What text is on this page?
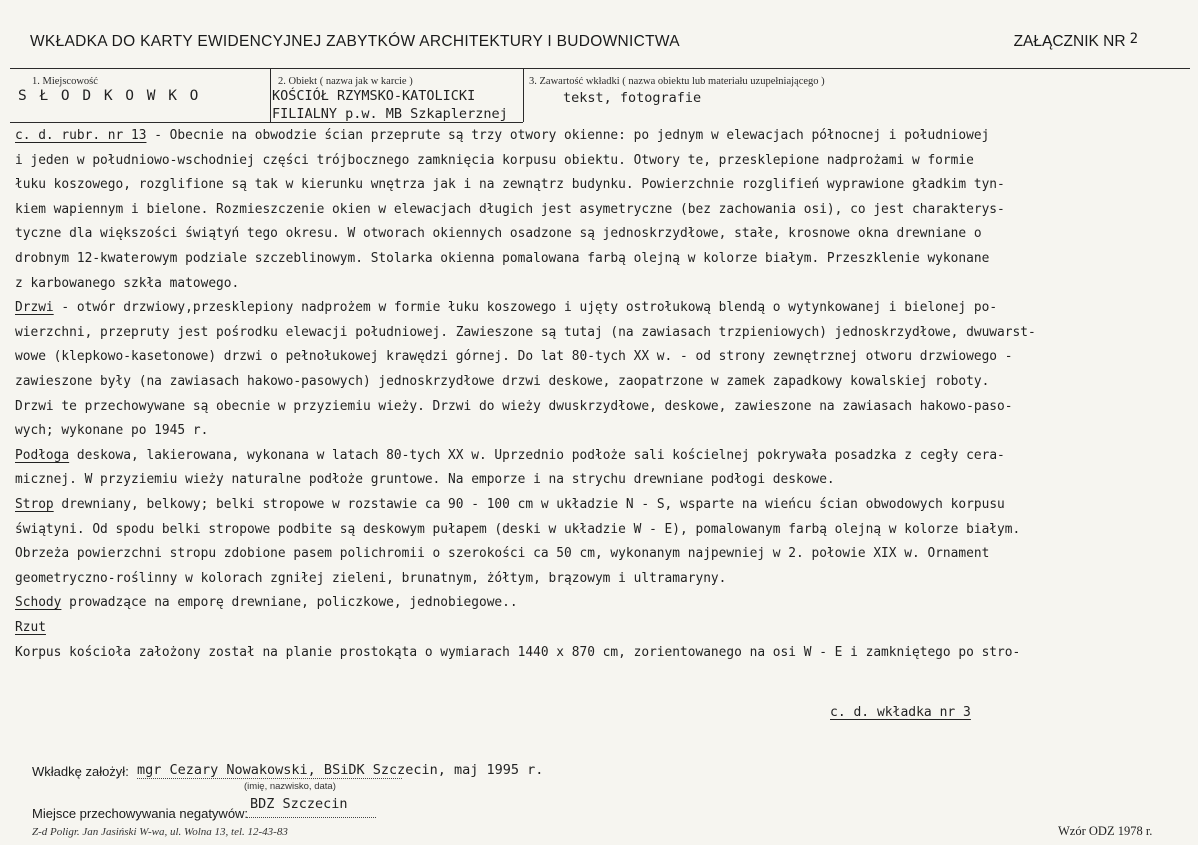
WKŁADKA DO KARTY EWIDENCYJNEJ ZABYTKÓW ARCHITEKTURY I BUDOWNICTWA	ZAŁĄCZNIK NR 2
1. Miejscowość
S Ł O D K O W K O
2. Obiekt ( nazwa jak w karcie )
KOŚCIÓŁ RZYMSKO-KATOLICKI
FILIALNY p.w. MB Szkaplerznej
3. Zawartość wkładki ( nazwa obiektu lub materiału uzupełniającego )
tekst, fotografie
c. d. rubr. nr 13 - Obecnie na obwodzie ścian przeprute są trzy otwory okienne: po jednym w elewacjach północnej i południowej
i jeden w południowo-wschodniej części trójbocznego zamknięcia korpusu obiektu. Otwory te, przesklepione nadprożami w formie
łuku koszowego, rozglifione są tak w kierunku wnętrza jak i na zewnątrz budynku. Powierzchnie rozglifień wyprawione gładkim tyn-
kiem wapiennym i bielone. Rozmieszczenie okien w elewacjach długich jest asymetryczne (bez zachowania osi), co jest charakterys-
tyczne dla większości świątyń tego okresu. W otworach okiennych osadzone są jednoskrzydłowe, stałe, krosnowe okna drewniane o
drobnym 12-kwaterowym podziale szczeblinowym. Stolarka okienna pomalowana farbą olejną w kolorze białym. Przeszklenie wykonane
z karbowanego szkła matowego.
Drzwi - otwór drzwiowy,przesklepiony nadprożem w formie łuku koszowego i ujęty ostrołukową blendą o wytynkowanej i bielonej po-
wierzchni, przepruty jest pośrodku elewacji południowej. Zawieszone są tutaj (na zawiasach trzpieniowych) jednoskrzydłowe, dwuwarst-
wowe (klepkowo-kasetonowe) drzwi o pełnołukowej krawędzi górnej. Do lat 80-tych XX w. - od strony zewnętrznej otworu drzwiowego -
zawieszone były (na zawiasach hakowo-pasowych) jednoskrzydłowe drzwi deskowe, zaopatrzone w zamek zapadkowy kowalskiej roboty.
Drzwi te przechowywane są obecnie w przyziemiu wieży. Drzwi do wieży dwuskrzydłowe, deskowe, zawieszone na zawiasach hakowo-paso-
wych; wykonane po 1945 r.
Podłoga deskowa, lakierowana, wykonana w latach 80-tych XX w. Uprzednio podłoże sali kościelnej pokrywała posadzka z cegły cera-
micznej. W przyziemiu wieży naturalne podłoże gruntowe. Na emporze i na strychu drewniane podłogi deskowe.
Strop drewniany, belkowy; belki stropowe w rozstawie ca 90 - 100 cm w układzie N - S, wsparte na wieńcu ścian obwodowych korpusu
świątyni. Od spodu belki stropowe podbite są deskowym pułapem (deski w układzie W - E), pomalowanym farbą olejną w kolorze białym.
Obrzeża powierzchni stropu zdobione pasem polichromii o szerokości ca 50 cm, wykonanym najpewniej w 2. połowie XIX w. Ornament
geometryczno-roślinny w kolorach zgniłej zieleni, brunatnym, żółtym, brązowym i ultramaryny.
Schody prowadzące na emporę drewniane, policzkowe, jednobiegowe..
Rzut
Korpus kościoła założony został na planie prostokąta o wymiarach 1440 x 870 cm, zorientowanego na osi W - E i zamkniętego po stro-
c. d. wkładka nr 3
Wkładkę założył: mgr Cezary Nowakowski, BSiDK Szczecin, maj 1995 r.
(imię, nazwisko, data)
Miejsce przechowywania negatywów:
BDZ Szczecin
Z-d Poligr. Jan Jasiński W-wa, ul. Wolna 13, tel. 12-43-83	Wzór ODZ 1978 r.
